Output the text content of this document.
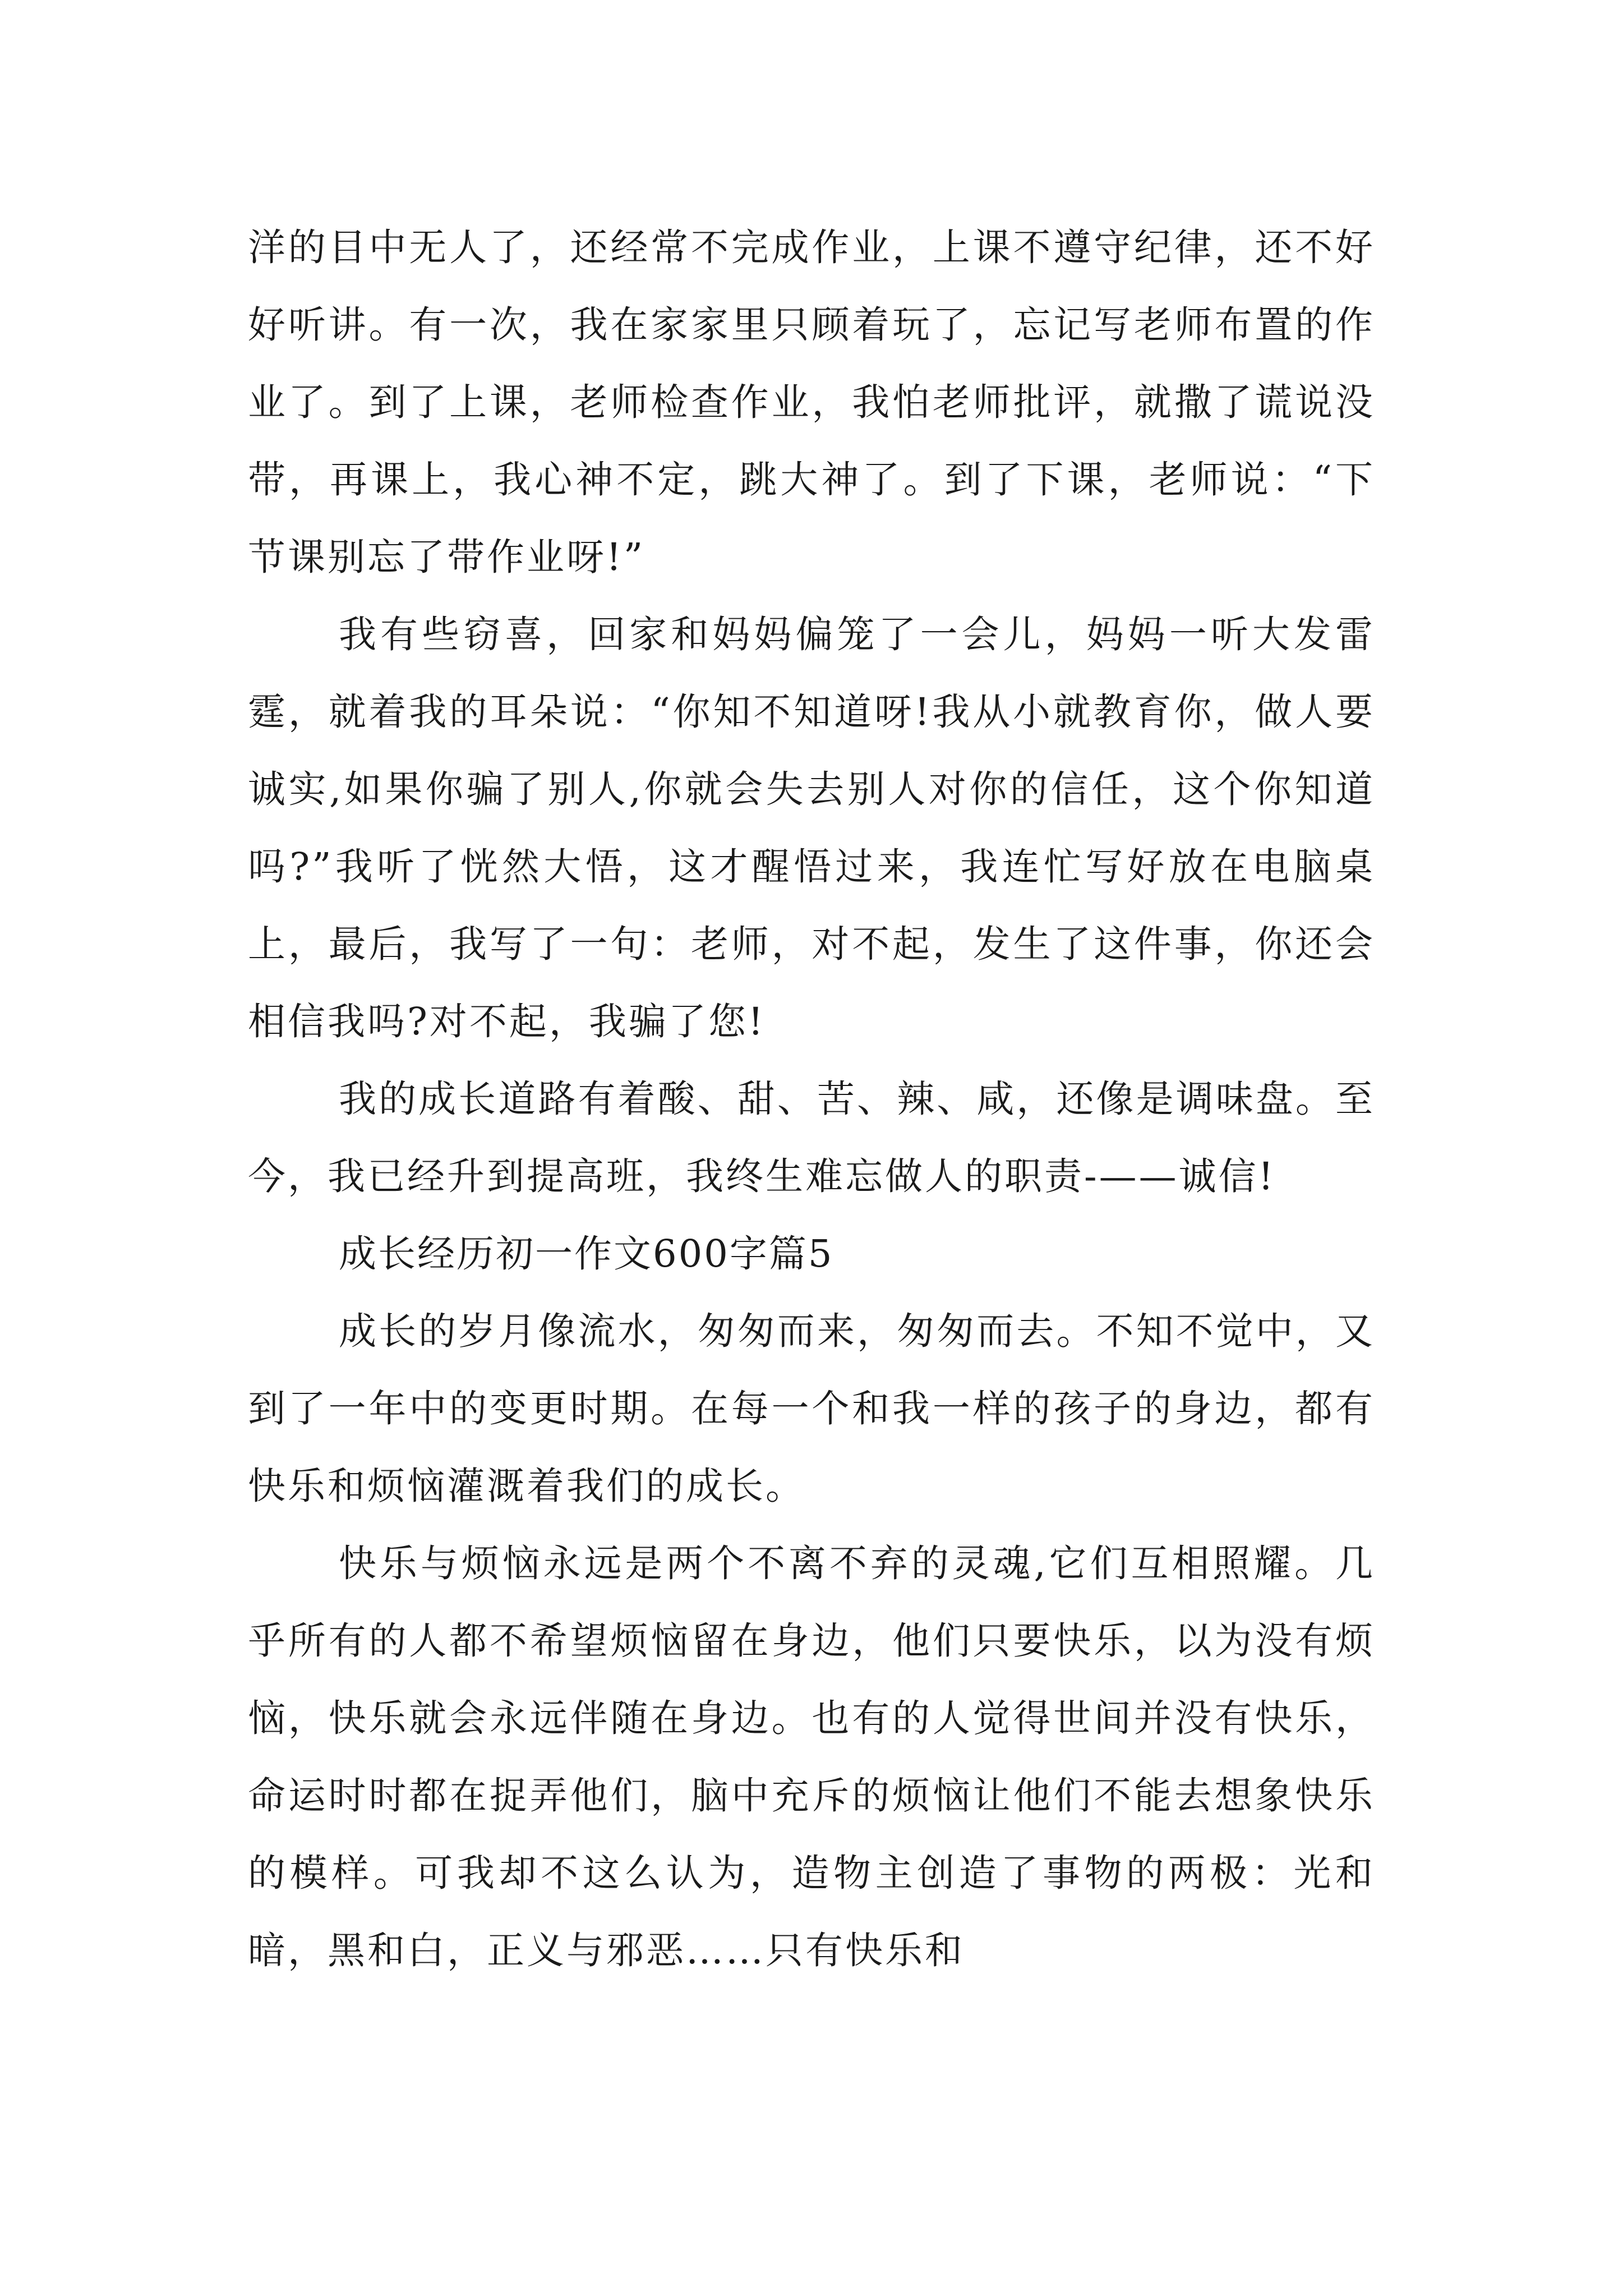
洋的目中无人了，还经常不完成作业，上课不遵守纪律，还不好好听讲。有一次，我在家家里只顾着玩了，忘记写老师布置的作业了。到了上课，老师检查作业，我怕老师批评，就撒了谎说没带，再课上，我心神不定，跳大神了。到了下课，老师说：“下节课别忘了带作业呀!”

我有些窃喜，回家和妈妈偏笼了一会儿，妈妈一听大发雷霆，就着我的耳朵说：“你知不知道呀!我从小就教育你，做人要诚实,如果你骗了别人,你就会失去别人对你的信任，这个你知道吗?”我听了恍然大悟，这才醒悟过来，我连忙写好放在电脑桌上，最后，我写了一句：老师，对不起，发生了这件事，你还会相信我吗?对不起，我骗了您!

我的成长道路有着酸、甜、苦、辣、咸，还像是调味盘。至今，我已经升到提高班，我终生难忘做人的职责-——诚信!

成长经历初一作文600字篇5

成长的岁月像流水，匆匆而来，匆匆而去。不知不觉中，又到了一年中的变更时期。在每一个和我一样的孩子的身边，都有快乐和烦恼灌溉着我们的成长。

快乐与烦恼永远是两个不离不弃的灵魂,它们互相照耀。几乎所有的人都不希望烦恼留在身边，他们只要快乐，以为没有烦恼，快乐就会永远伴随在身边。也有的人觉得世间并没有快乐，命运时时都在捉弄他们，脑中充斥的烦恼让他们不能去想象快乐的模样。可我却不这么认为，造物主创造了事物的两极：光和暗，黑和白，正义与邪恶……只有快乐和
